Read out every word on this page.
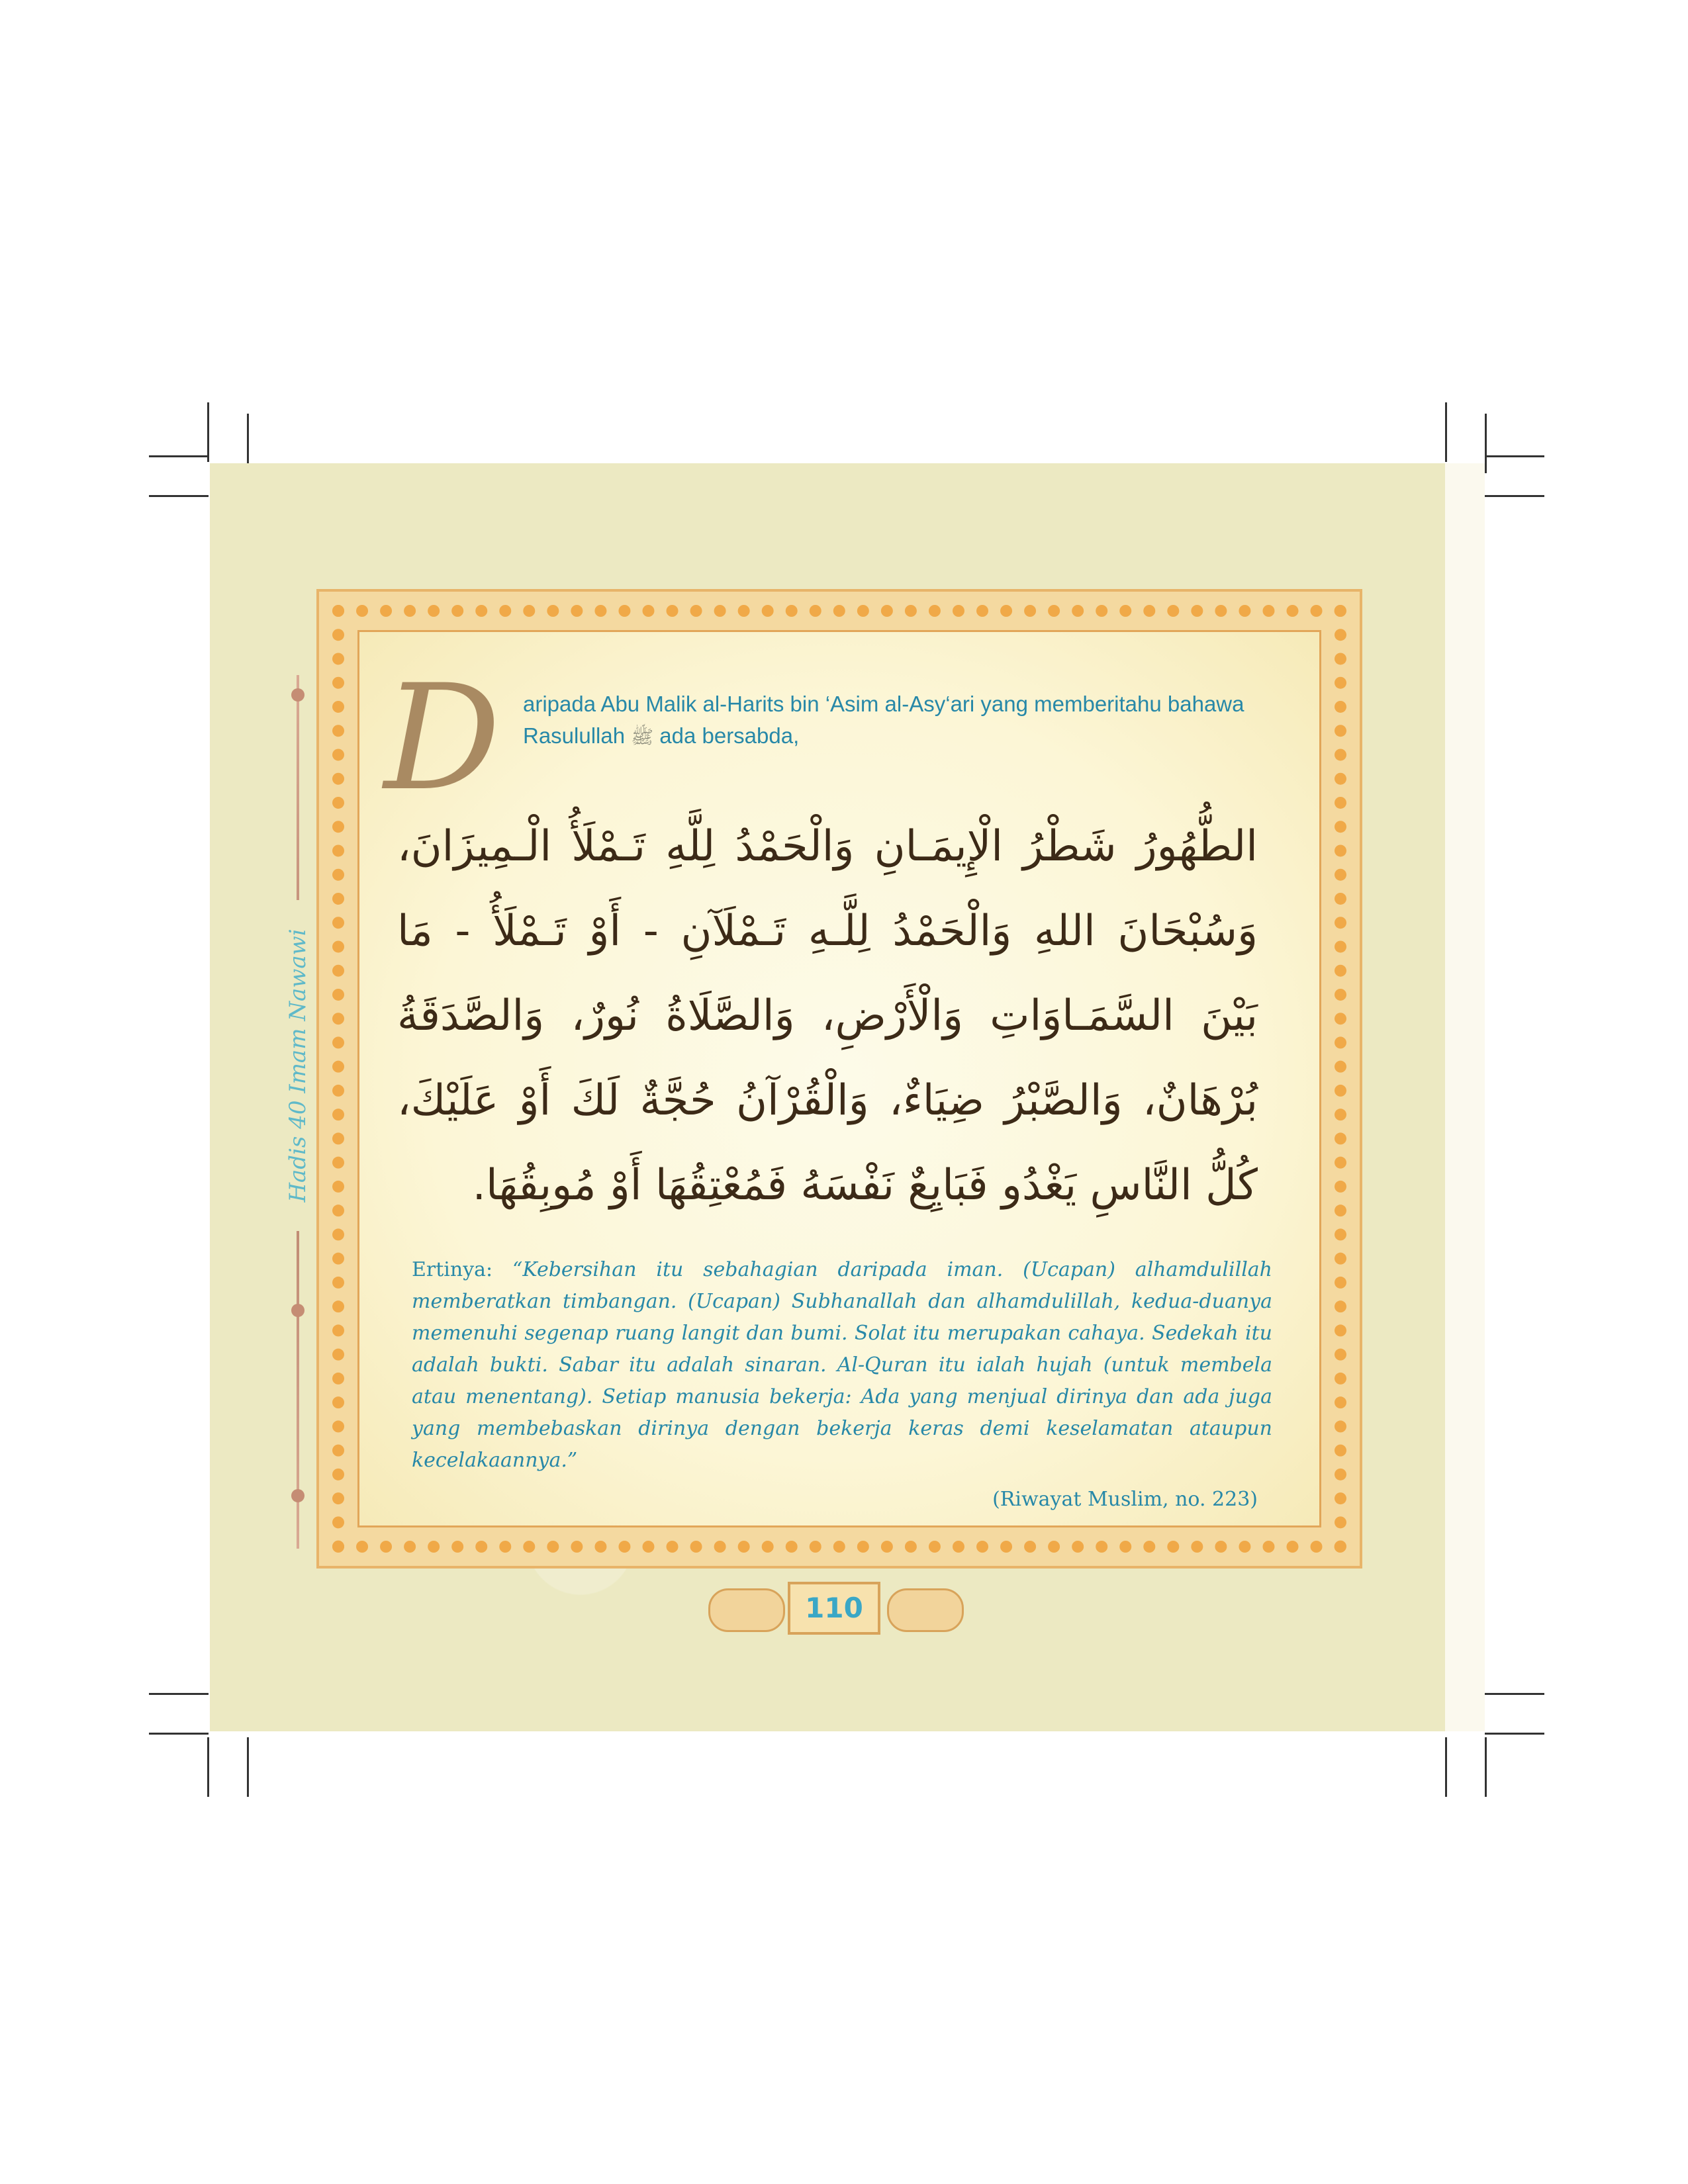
Hadis 40 Imam Nawawi
D aripada Abu Malik al-Harits bin ‘Asim al-Asy‘ari yang memberitahu bahawa Rasulullah ﷺ ada bersabda,
الطُّهُورُ شَطْرُ الْإِيمَـانِ وَالْحَمْدُ لِلَّهِ تَـمْلَأُ الْـمِيزَانَ،
وَسُبْحَانَ اللهِ وَالْحَمْدُ لِلَّـهِ تَـمْلَآنِ - أَوْ تَـمْلَأُ - مَا
بَيْنَ السَّمَـاوَاتِ وَالْأَرْضِ، وَالصَّلَاةُ نُورٌ، وَالصَّدَقَةُ
بُرْهَانٌ، وَالصَّبْرُ ضِيَاءٌ، وَالْقُرْآنُ حُجَّةٌ لَكَ أَوْ عَلَيْكَ،
كُلُّ النَّاسِ يَغْدُو فَبَايِعٌ نَفْسَهُ فَمُعْتِقُهَا أَوْ مُوبِقُهَا.
Ertinya: “Kebersihan itu sebahagian daripada iman. (Ucapan) alhamdulillah memberatkan timbangan. (Ucapan) Subhanallah dan alhamdulillah, kedua-duanya memenuhi segenap ruang langit dan bumi. Solat itu merupakan cahaya. Sedekah itu adalah bukti. Sabar itu adalah sinaran. Al-Quran itu ialah hujah (untuk membela atau menentang). Setiap manusia bekerja: Ada yang menjual dirinya dan ada juga yang membebaskan dirinya dengan bekerja keras demi keselamatan ataupun kecelakaannya.”
(Riwayat Muslim, no. 223)
110
